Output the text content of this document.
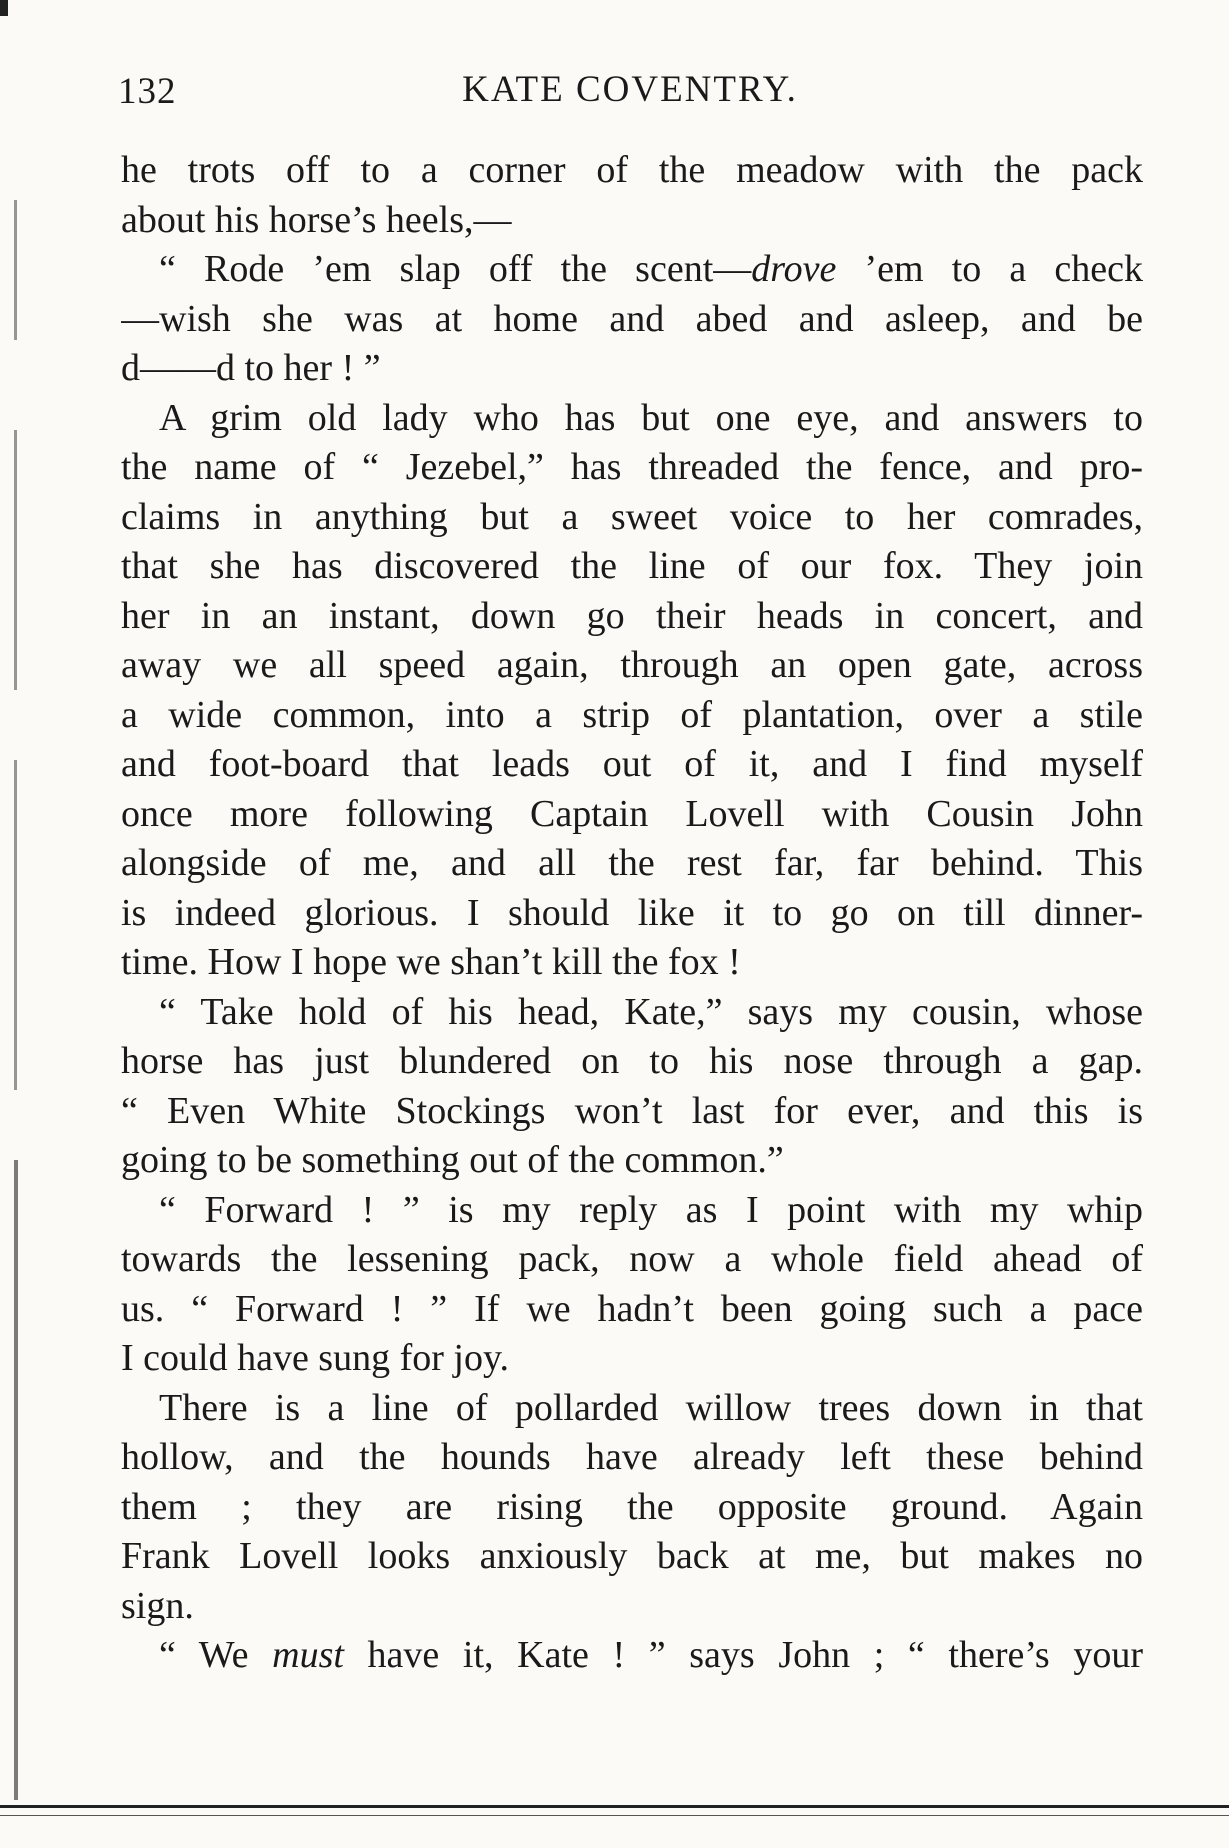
132	KATE COVENTRY.
he trots off to a corner of the meadow with the pack
about his horse’s heels,—
“ Rode ’em slap off the scent—drove ’em to a check
—wish she was at home and abed and asleep, and be
d——d to her ! ”
A grim old lady who has but one eye, and answers to
the name of “ Jezebel,” has threaded the fence, and pro-
claims in anything but a sweet voice to her comrades,
that she has discovered the line of our fox. They join
her in an instant, down go their heads in concert, and
away we all speed again, through an open gate, across
a wide common, into a strip of plantation, over a stile
and foot-board that leads out of it, and I find myself
once more following Captain Lovell with Cousin John
alongside of me, and all the rest far, far behind. This
is indeed glorious. I should like it to go on till dinner-
time. How I hope we shan’t kill the fox !
“ Take hold of his head, Kate,” says my cousin, whose
horse has just blundered on to his nose through a gap.
“ Even White Stockings won’t last for ever, and this is
going to be something out of the common.”
“ Forward ! ” is my reply as I point with my whip
towards the lessening pack, now a whole field ahead of
us. “ Forward ! ” If we hadn’t been going such a pace
I could have sung for joy.
There is a line of pollarded willow trees down in that
hollow, and the hounds have already left these behind
them ; they are rising the opposite ground. Again
Frank Lovell looks anxiously back at me, but makes no
sign.
“ We must have it, Kate ! ” says John ; “ there’s your
